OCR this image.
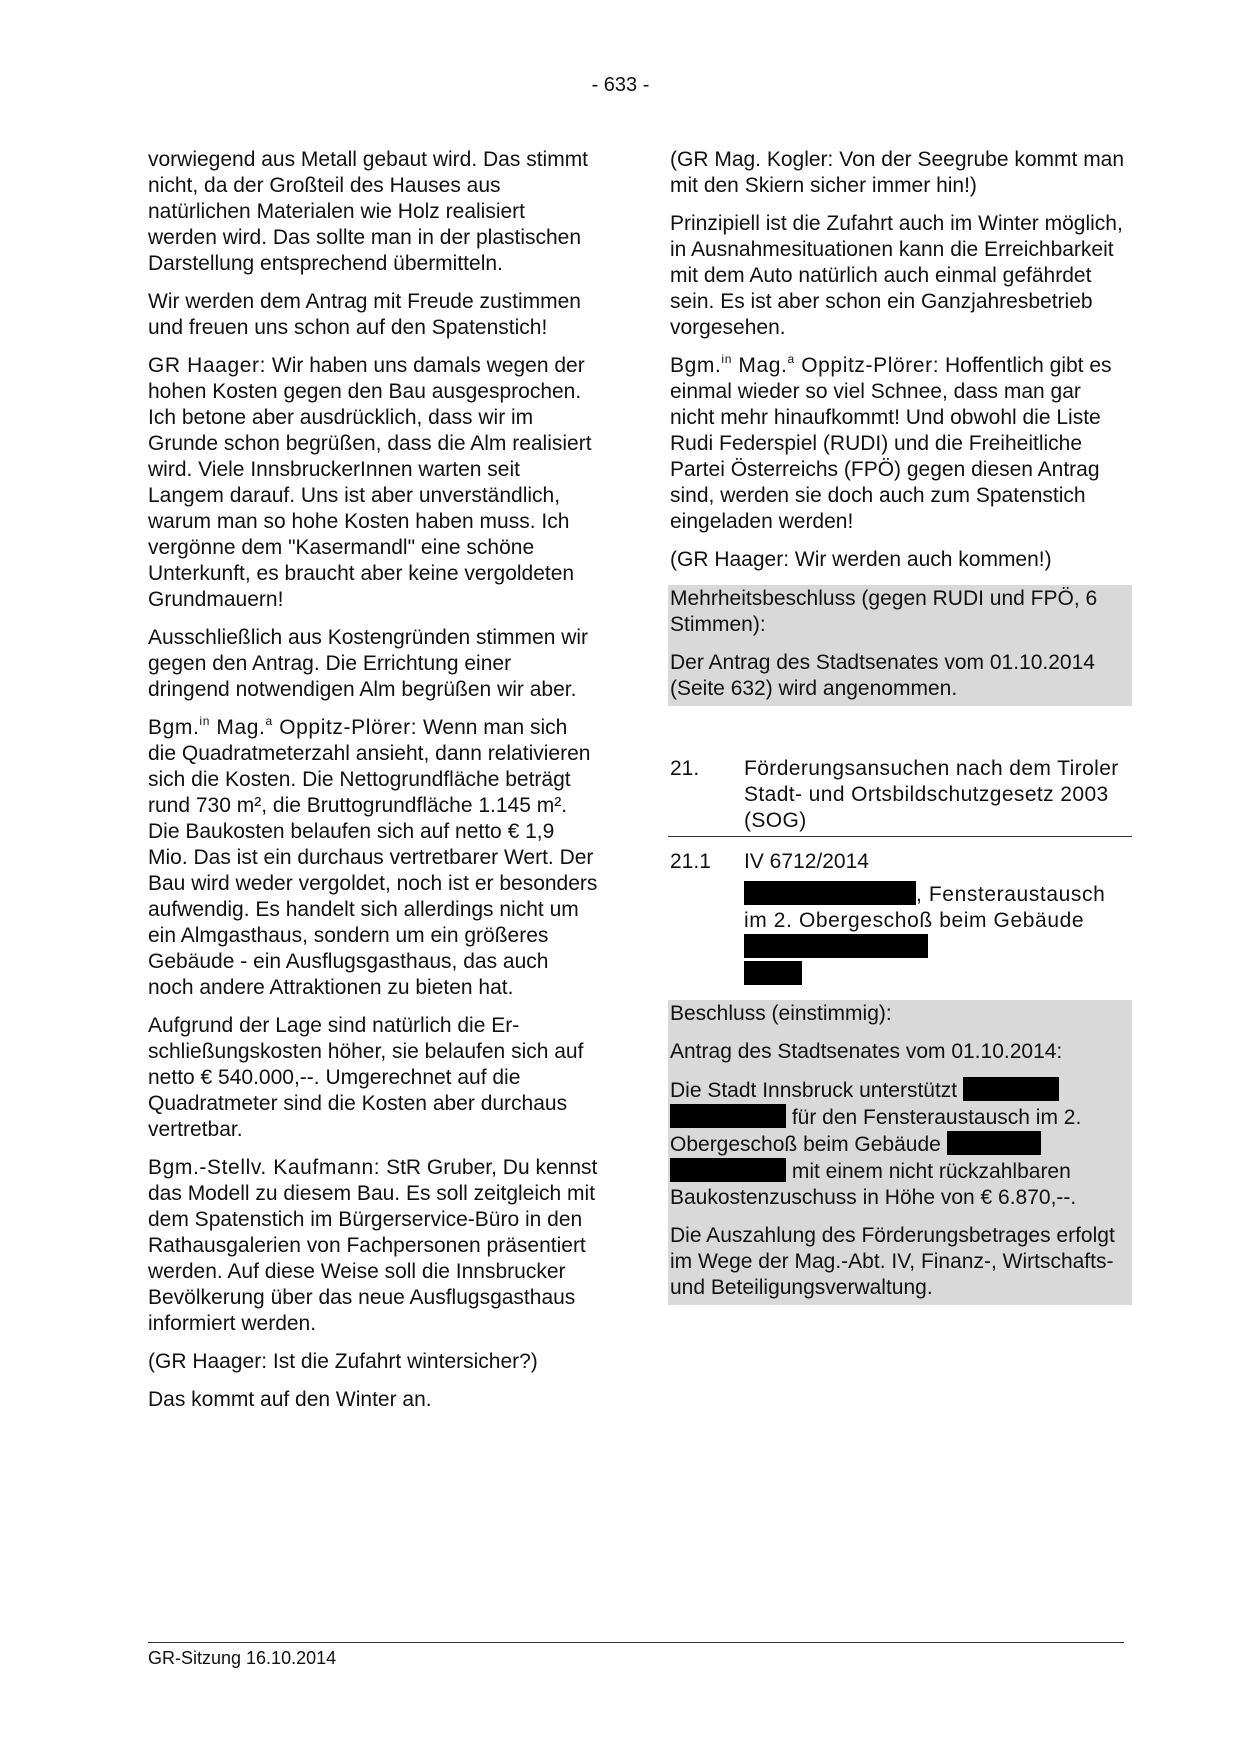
- 633 -

vorwiegend aus Metall gebaut wird. Das stimmt nicht, da der Großteil des Hauses aus natürlichen Materialen wie Holz realisiert werden wird. Das sollte man in der plastischen Darstellung entsprechend übermitteln.

Wir werden dem Antrag mit Freude zustimmen und freuen uns schon auf den Spatenstich!

GR Haager: Wir haben uns damals wegen der hohen Kosten gegen den Bau ausgesprochen. Ich betone aber ausdrücklich, dass wir im Grunde schon begrüßen, dass die Alm realisiert wird. Viele InnsbruckerInnen warten seit Langem darauf. Uns ist aber unverständlich, warum man so hohe Kosten haben muss. Ich vergönne dem "Kasermandl" eine schöne Unterkunft, es braucht aber keine vergoldeten Grundmauern!

Ausschließlich aus Kostengründen stimmen wir gegen den Antrag. Die Errichtung einer dringend notwendigen Alm begrüßen wir aber.

Bgm.$^{in}$ Mag.$^a$ Oppitz-Plörer: Wenn man sich die Quadratmeterzahl ansieht, dann relativieren sich die Kosten. Die Nettogrundfläche beträgt rund 730 m², die Bruttogrundfläche 1.145 m². Die Baukosten belaufen sich auf netto € 1,9 Mio. Das ist ein durchaus vertretbarer Wert. Der Bau wird weder vergoldet, noch ist er besonders aufwendig. Es handelt sich allerdings nicht um ein Almgasthaus, sondern um ein größeres Gebäude - ein Ausflugsgasthaus, das auch noch andere Attraktionen zu bieten hat.

Aufgrund der Lage sind natürlich die Erschließungskosten höher, sie belaufen sich auf netto € 540.000,--. Umgerechnet auf die Quadratmeter sind die Kosten aber durchaus vertretbar.

Bgm.-Stellv. Kaufmann: StR Gruber, Du kennst das Modell zu diesem Bau. Es soll zeitgleich mit dem Spatenstich im Bürgerservice-Büro in den Rathausgalerien von Fachpersonen präsentiert werden. Auf diese Weise soll die Innsbrucker Bevölkerung über das neue Ausflugsgasthaus informiert werden.

(GR Haager: Ist die Zufahrt wintersicher?)

Das kommt auf den Winter an.

(GR Mag. Kogler: Von der Seegrube kommt man mit den Skiern sicher immer hin!)

Prinzipiell ist die Zufahrt auch im Winter möglich, in Ausnahmesituationen kann die Erreichbarkeit mit dem Auto natürlich auch einmal gefährdet sein. Es ist aber schon ein Ganzjahresbetrieb vorgesehen.

Bgm.$^{in}$ Mag.$^a$ Oppitz-Plörer: Hoffentlich gibt es einmal wieder so viel Schnee, dass man gar nicht mehr hinaufkommt! Und obwohl die Liste Rudi Federspiel (RUDI) und die Freiheitliche Partei Österreichs (FPÖ) gegen diesen Antrag sind, werden sie doch auch zum Spatenstich eingeladen werden!

(GR Haager: Wir werden auch kommen!)

Mehrheitsbeschluss (gegen RUDI und FPÖ, 6 Stimmen):

Der Antrag des Stadtsenates vom 01.10.2014 (Seite 632) wird angenommen.

21.	Förderungsansuchen nach dem Tiroler Stadt- und Ortsbildschutzgesetz 2003 (SOG)
21.1	IV 6712/2014
, Fensteraustausch im 2. Obergeschoß beim Gebäude

Beschluss (einstimmig):

Antrag des Stadtsenates vom 01.10.2014:

Die Stadt Innsbruck unterstützt   für den Fensteraustausch im 2. Obergeschoß beim Gebäude   mit einem nicht rückzahlbaren Baukostenzuschuss in Höhe von € 6.870,--.

Die Auszahlung des Förderungsbetrages erfolgt im Wege der Mag.-Abt. IV, Finanz-, Wirtschafts- und Beteiligungsverwaltung.

GR-Sitzung 16.10.2014
